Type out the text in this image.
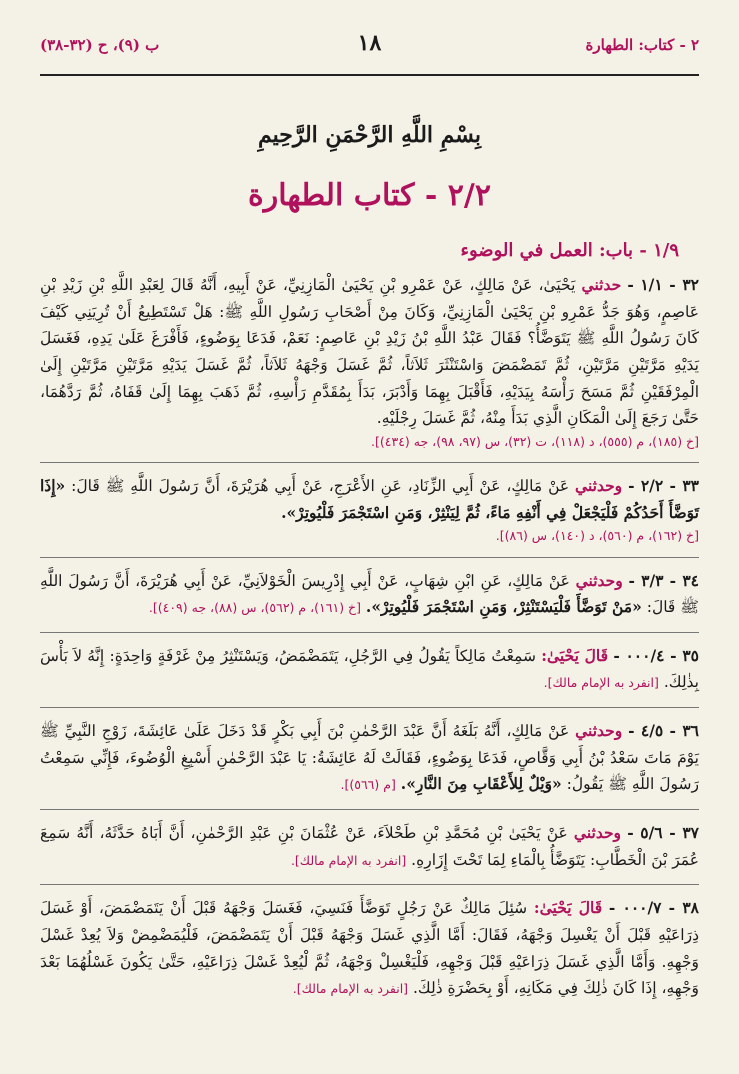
ب (٩)، ح (٣٢-٣٨)	١٨	٢ - كتاب: الطهارة
بِسْمِ اللَّهِ الرَّحْمَنِ الرَّحِيمِ
٢/٢ - كتاب الطهارة
١/٩ - باب: العمل في الوضوء

٣٢ - ١/١ - حدثني يَحْيَىٰ، عَنْ مَالِكٍ، عَنْ عَمْرِو بْنِ يَحْيَىٰ الْمَازِنِيِّ، عَنْ أَبِيهِ، أَنَّهُ قَالَ لِعَبْدِ اللَّهِ بْنِ زَيْدِ بْنِ عَاصِمٍ، وَهُوَ جَدُّ عَمْرِو بْنِ يَحْيَىٰ الْمَازِنِيِّ، وَكَانَ مِنْ أَصْحَابِ رَسُولِ اللَّهِ ﷺ: هَلْ تَسْتَطِيعُ أَنْ تُرِيَنِي كَيْفَ كَانَ رَسُولُ اللَّهِ ﷺ يَتَوَضَّأُ؟ فَقَالَ عَبْدُ اللَّهِ بْنُ زَيْدِ بْنِ عَاصِمٍ: نَعَمْ، فَدَعَا بِوَضُوءٍ، فَأَفْرَغَ عَلَىٰ يَدِهِ، فَغَسَلَ يَدَيْهِ مَرَّتَيْنِ مَرَّتَيْنِ، ثُمَّ تَمَضْمَضَ وَاسْتَنْثَرَ ثَلاَثاً، ثُمَّ غَسَلَ وَجْهَهُ ثَلاَثاً، ثُمَّ غَسَلَ يَدَيْهِ مَرَّتَيْنِ مَرَّتَيْنِ إِلَىٰ الْمِرْفَقَيْنِ ثُمَّ مَسَحَ رَأْسَهُ بِيَدَيْهِ، فَأَقْبَلَ بِهِمَا وَأَدْبَرَ، بَدَأَ بِمُقَدَّمِ رَأْسِهِ، ثُمَّ ذَهَبَ بِهِمَا إِلَىٰ قَفَاهُ، ثُمَّ رَدَّهُمَا، حَتَّىٰ رَجَعَ إِلَىٰ الْمَكَانِ الَّذِي بَدَأَ مِنْهُ، ثُمَّ غَسَلَ رِجْلَيْهِ.
[خ (١٨٥)، م (٥٥٥)، د (١١٨)، ت (٣٢)، س (٩٧، ٩٨)، جه (٤٣٤)].

٣٣ - ٢/٢ - وحدثني عَنْ مَالِكٍ، عَنْ أَبِي الزِّنَادِ، عَنِ الأَعْرَجِ، عَنْ أَبِي هُرَيْرَةَ، أَنَّ رَسُولَ اللَّهِ ﷺ قَالَ: «إِذَا تَوَضَّأَ أَحَدُكُمْ فَلْيَجْعَلْ فِي أَنْفِهِ مَاءً، ثُمَّ لِيَنْثِرْ، وَمَنِ اسْتَجْمَرَ فَلْيُوتِرْ».
[خ (١٦٢)، م (٥٦٠)، د (١٤٠)، س (٨٦)].

٣٤ - ٣/٣ - وحدثني عَنْ مَالِكٍ، عَنِ ابْنِ شِهَابٍ، عَنْ أَبِي إِدْرِيسَ الْخَوْلاَنِيِّ، عَنْ أَبِي هُرَيْرَةَ، أَنَّ رَسُولَ اللَّهِ ﷺ قَالَ: «مَنْ تَوَضَّأَ فَلْيَسْتَنْثِرْ، وَمَنِ اسْتَجْمَرَ فَلْيُوتِرْ». [خ (١٦١)، م (٥٦٢)، س (٨٨)، جه (٤٠٩)].

٣٥ - ٠٠٠/٤ - قَالَ يَحْيَىٰ: سَمِعْتُ مَالِكاً يَقُولُ فِي الرَّجُلِ، يَتَمَضْمَضُ، وَيَسْتَنْثِرُ مِنْ غَرْفَةٍ وَاحِدَةٍ: إِنَّهُ لاَ بَأْسَ بِذٰلِكَ. [انفرد به الإمام مالك].

٣٦ - ٤/٥ - وحدثني عَنْ مَالِكٍ، أَنَّهُ بَلَغَهُ أَنَّ عَبْدَ الرَّحْمٰنِ بْنَ أَبِي بَكْرٍ قَدْ دَخَلَ عَلَىٰ عَائِشَةَ، زَوْجِ النَّبِيِّ ﷺ يَوْمَ مَاتَ سَعْدُ بْنُ أَبِي وَقَّاصٍ، فَدَعَا بِوَضُوءٍ، فَقَالَتْ لَهُ عَائِشَةُ: يَا عَبْدَ الرَّحْمٰنِ أَسْبِغِ الْوُضُوءَ، فَإِنِّي سَمِعْتُ رَسُولَ اللَّهِ ﷺ يَقُولُ: «وَيْلٌ لِلأَعْقَابِ مِنَ النَّارِ». [م (٥٦٦)].

٣٧ - ٥/٦ - وحدثني عَنْ يَحْيَىٰ بْنِ مُحَمَّدِ بْنِ طَحْلاَءَ، عَنْ عُثْمَانَ بْنِ عَبْدِ الرَّحْمٰنِ، أَنَّ أَبَاهُ حَدَّثَهُ، أَنَّهُ سَمِعَ عُمَرَ بْنَ الْخَطَّابِ: يَتَوَضَّأُ بِالْمَاءِ لِمَا تَحْتَ إِزَارِهِ. [انفرد به الإمام مالك].

٣٨ - ٠٠٠/٧ - قَالَ يَحْيَىٰ: سُئِلَ مَالِكٌ عَنْ رَجُلٍ تَوَضَّأَ فَنَسِيَ، فَغَسَلَ وَجْهَهُ قَبْلَ أَنْ يَتَمَضْمَضَ، أَوْ غَسَلَ ذِرَاعَيْهِ قَبْلَ أَنْ يَغْسِلَ وَجْهَهُ، فَقَالَ: أَمَّا الَّذِي غَسَلَ وَجْهَهُ قَبْلَ أَنْ يَتَمَضْمَضَ، فَلْيُمَضْمِضْ وَلاَ يُعِدْ غَسْلَ وَجْهِهِ. وَأَمَّا الَّذِي غَسَلَ ذِرَاعَيْهِ قَبْلَ وَجْهِهِ، فَلْيَغْسِلْ وَجْهَهُ، ثُمَّ لْيُعِدْ غَسْلَ ذِرَاعَيْهِ، حَتَّىٰ يَكُونَ غَسْلُهُمَا بَعْدَ وَجْهِهِ، إِذَا كَانَ ذٰلِكَ فِي مَكَانِهِ، أَوْ بِحَضْرَةِ ذٰلِكَ. [انفرد به الإمام مالك].
